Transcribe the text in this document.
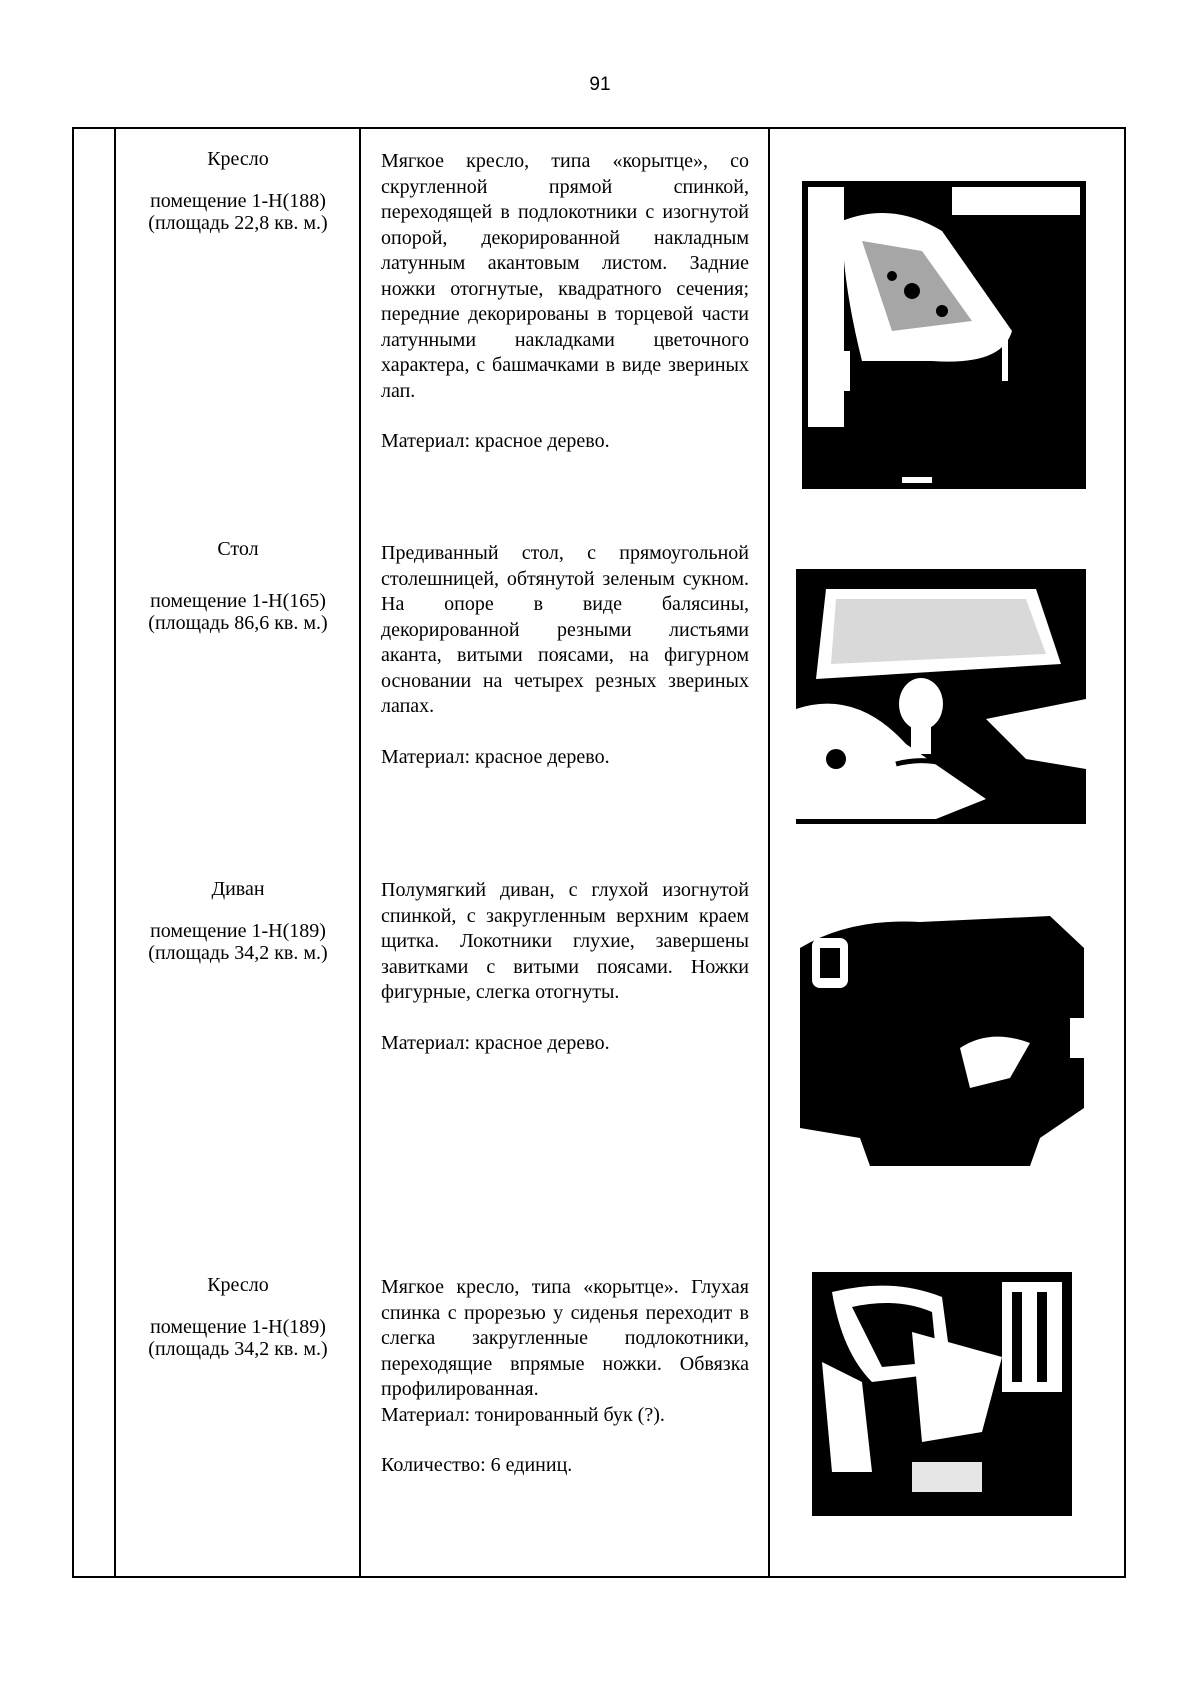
91
Кресло
помещение 1-Н(188)
(площадь 22,8 кв. м.)

Мягкое кресло, типа «корытце», со скругленной прямой спинкой, переходящей в подлокотники с изогнутой опорой, декорированной накладным латунным акантовым листом. Задние ножки отогнутые, квадратного сечения; передние декорированы в торцевой части латунными накладками цветочного характера, с башмачками в виде звериных лап.

Материал: красное дерево.

Стол
помещение 1-Н(165)
(площадь 86,6 кв. м.)

Предиванный стол, с прямоугольной столешницей, обтянутой зеленым сукном. На опоре в виде балясины, декорированной резными листьями аканта, витыми поясами, на фигурном основании на четырех резных звериных лапах.

Материал: красное дерево.

Диван
помещение 1-Н(189)
(площадь 34,2 кв. м.)

Полумягкий диван, с глухой изогнутой спинкой, с закругленным верхним краем щитка. Локотники глухие, завершены завитками с витыми поясами. Ножки фигурные, слегка отогнуты.

Материал: красное дерево.

Кресло
помещение 1-Н(189)
(площадь 34,2 кв. м.)

Мягкое кресло, типа «корытце». Глухая спинка с прорезью у сиденья переходит в слегка закругленные подлокотники, переходящие впрямые ножки. Обвязка профилированная.

Материал: тонированный бук (?).

Количество: 6 единиц.
